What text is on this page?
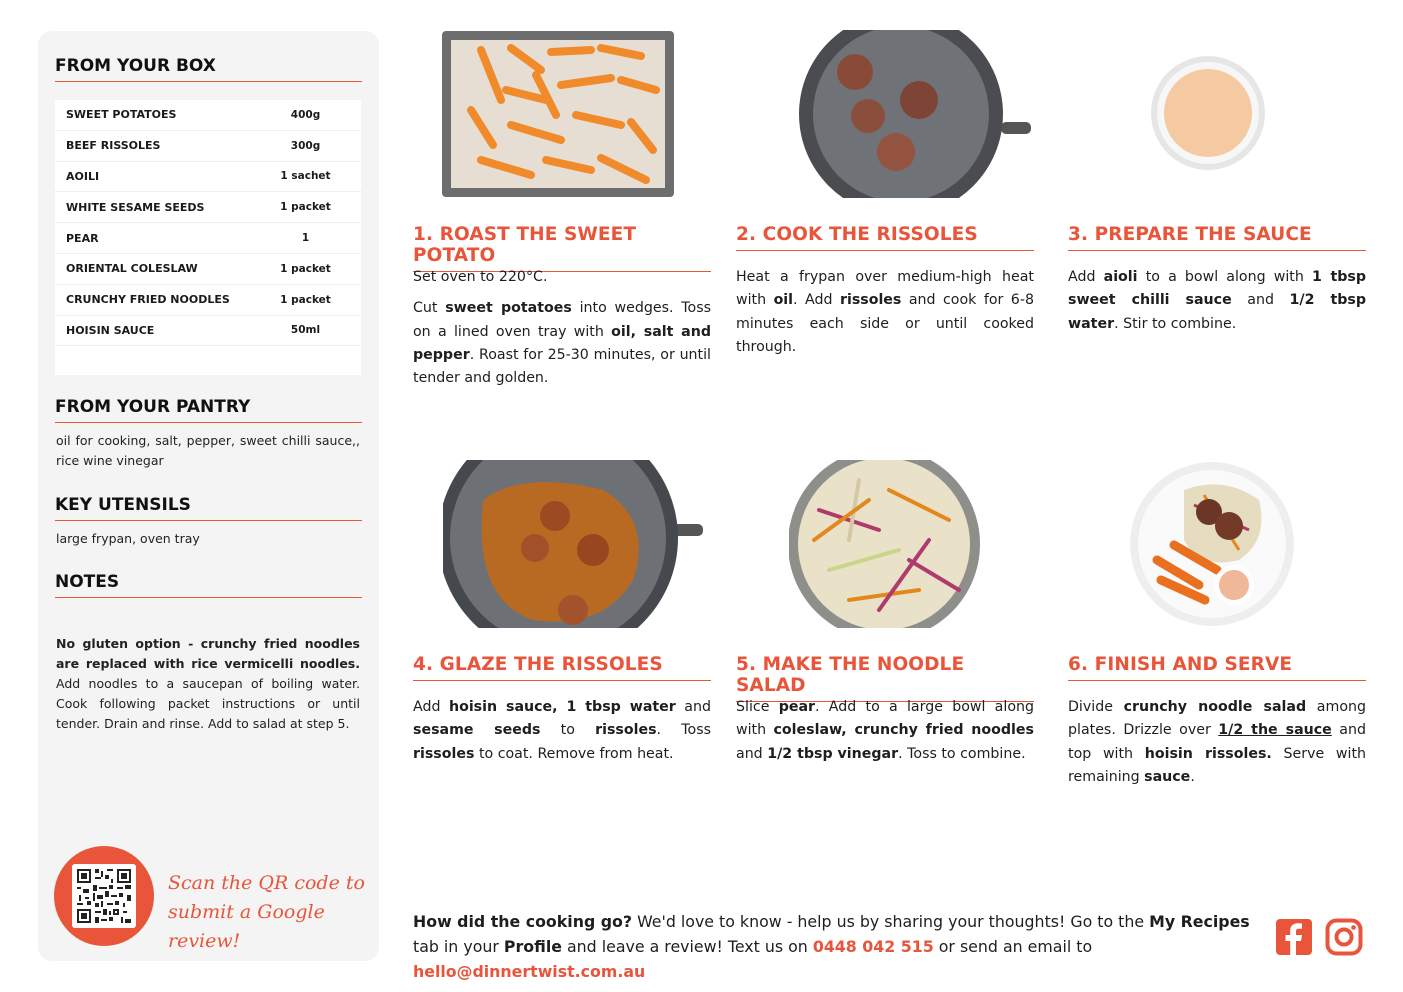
FROM YOUR BOX
SWEET POTATOES	400g
BEEF RISSOLES	300g
AOILI	1 sachet
WHITE SESAME SEEDS	1 packet
PEAR	1
ORIENTAL COLESLAW	1 packet
CRUNCHY FRIED NOODLES	1 packet
HOISIN SAUCE	50ml
FROM YOUR PANTRY
oil for cooking, salt, pepper, sweet chilli sauce,, rice wine vinegar
KEY UTENSILS
large frypan, oven tray
NOTES
No gluten option - crunchy fried noodles are replaced with rice vermicelli noodles. Add noodles to a saucepan of boiling water. Cook following packet instructions or until tender. Drain and rinse. Add to salad at step 5.
Scan the QR code to
submit a Google review!
1. ROAST THE SWEET POTATO

Set oven to 220°C.

Cut sweet potatoes into wedges. Toss on a lined oven tray with oil, salt and pepper. Roast for 25-30 minutes, or until tender and golden.

2. COOK THE RISSOLES

Heat a frypan over medium-high heat with oil. Add rissoles and cook for 6-8 minutes each side or until cooked through.

3. PREPARE THE SAUCE

Add aioli to a bowl along with 1 tbsp sweet chilli sauce and 1/2 tbsp water. Stir to combine.

4. GLAZE THE RISSOLES

Add hoisin sauce, 1 tbsp water and sesame seeds to rissoles. Toss rissoles to coat. Remove from heat.

5. MAKE THE NOODLE SALAD

Slice pear. Add to a large bowl along with coleslaw, crunchy fried noodles and 1/2 tbsp vinegar. Toss to combine.

6. FINISH AND SERVE

Divide crunchy noodle salad among plates. Drizzle over 1/2 the sauce and top with hoisin rissoles. Serve with remaining sauce.

How did the cooking go? We'd love to know - help us by sharing your thoughts! Go to the My Recipes tab in your Profile and leave a review! Text us on 0448 042 515 or send an email to hello@dinnertwist.com.au
